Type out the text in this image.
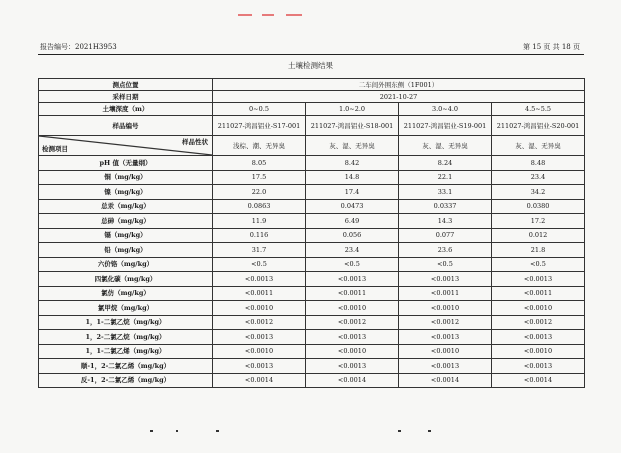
报告编号：2021H3953	第 15 页 共 18 页
土壤检测结果
测点位置	二车间外围东侧（1F001）			
采样日期	2021-10-27			
土壤深度（m）	0~0.5	1.0~2.0	3.0~4.0	4.5~5.5
样品编号	211027-鸿昌铝业-S17-001	211027-鸿昌铝业-S18-001	211027-鸿昌铝业-S19-001	211027-鸿昌铝业-S20-001

样品性状
检测项目	浅棕、潮、无异臭	灰、湿、无异臭	灰、湿、无异臭	灰、湿、无异臭
pH 值（无量纲）	8.05	8.42	8.24	8.48
铜（mg/kg）	17.5	14.8	22.1	23.4
镍（mg/kg）	22.0	17.4	33.1	34.2
总汞（mg/kg）	0.0863	0.0473	0.0337	0.0380
总砷（mg/kg）	11.9	6.49	14.3	17.2
镉（mg/kg）	0.116	0.056	0.077	0.012
铅（mg/kg）	31.7	23.4	23.6	21.8
六价铬（mg/kg）	<0.5	<0.5	<0.5	<0.5
四氯化碳（mg/kg）	<0.0013	<0.0013	<0.0013	<0.0013
氯仿（mg/kg）	<0.0011	<0.0011	<0.0011	<0.0011
氯甲烷（mg/kg）	<0.0010	<0.0010	<0.0010	<0.0010
1，1-二氯乙烷（mg/kg）	<0.0012	<0.0012	<0.0012	<0.0012
1，2-二氯乙烷（mg/kg）	<0.0013	<0.0013	<0.0013	<0.0013
1，1-二氯乙烯（mg/kg）	<0.0010	<0.0010	<0.0010	<0.0010
顺-1，2-二氯乙烯（mg/kg）	<0.0013	<0.0013	<0.0013	<0.0013
反-1，2-二氯乙烯（mg/kg）	<0.0014	<0.0014	<0.0014	<0.0014
